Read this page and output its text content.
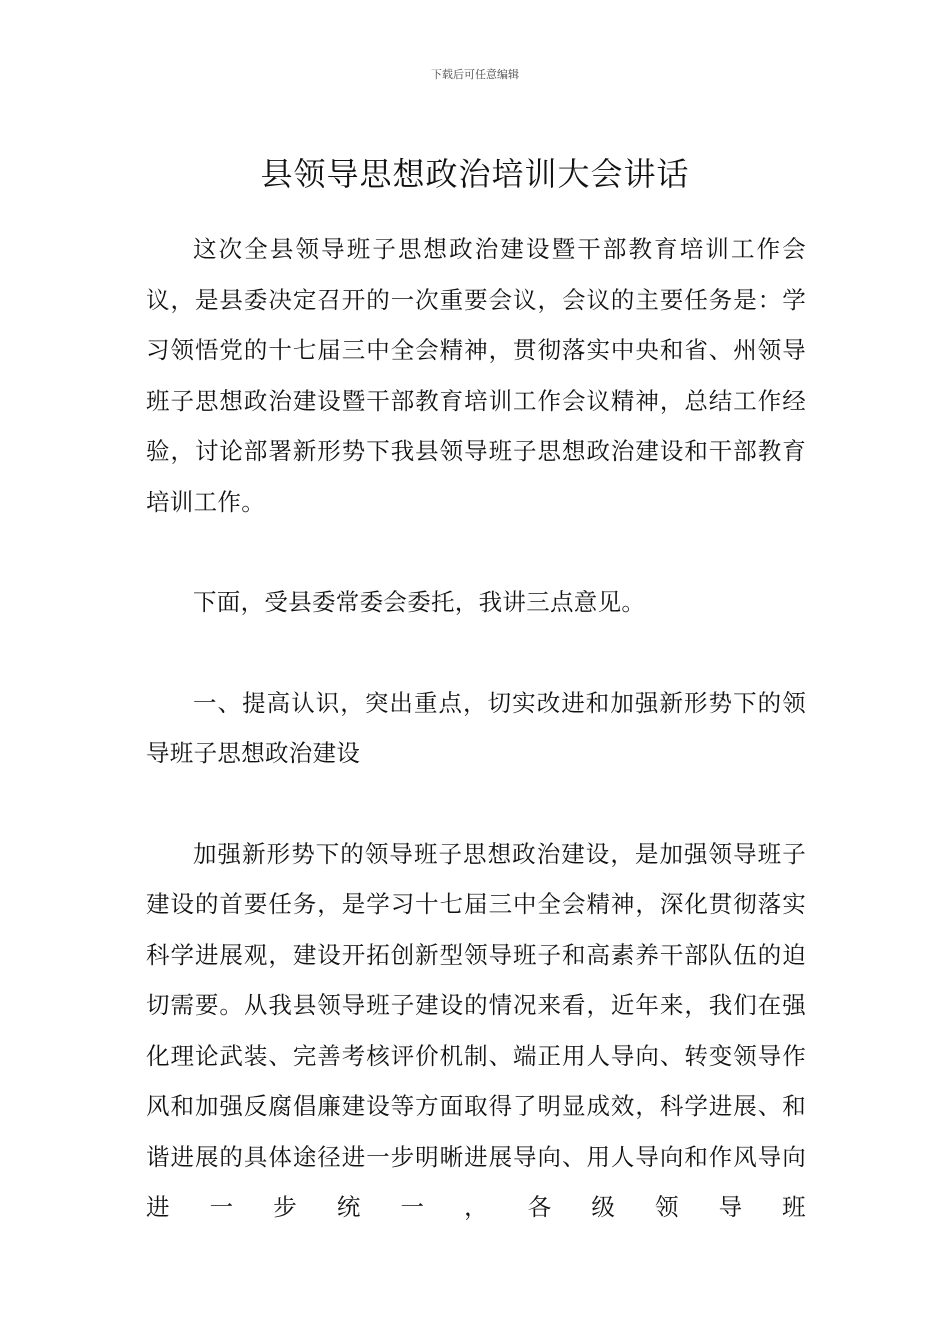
下载后可任意编辑
县领导思想政治培训大会讲话

这次全县领导班子思想政治建设暨干部教育培训工作会议，是县委决定召开的一次重要会议，会议的主要任务是：学习领悟党的十七届三中全会精神，贯彻落实中央和省、州领导班子思想政治建设暨干部教育培训工作会议精神，总结工作经验，讨论部署新形势下我县领导班子思想政治建设和干部教育培训工作。

下面，受县委常委会委托，我讲三点意见。

一、提高认识，突出重点，切实改进和加强新形势下的领导班子思想政治建设

加强新形势下的领导班子思想政治建设，是加强领导班子建设的首要任务，是学习十七届三中全会精神，深化贯彻落实科学进展观，建设开拓创新型领导班子和高素养干部队伍的迫切需要。从我县领导班子建设的情况来看，近年来，我们在强化理论武装、完善考核评价机制、端正用人导向、转变领导作风和加强反腐倡廉建设等方面取得了明显成效，科学进展、和谐进展的具体途径进一步明晰进展导向、用人导向和作风导向进一步统一，各级领导班
